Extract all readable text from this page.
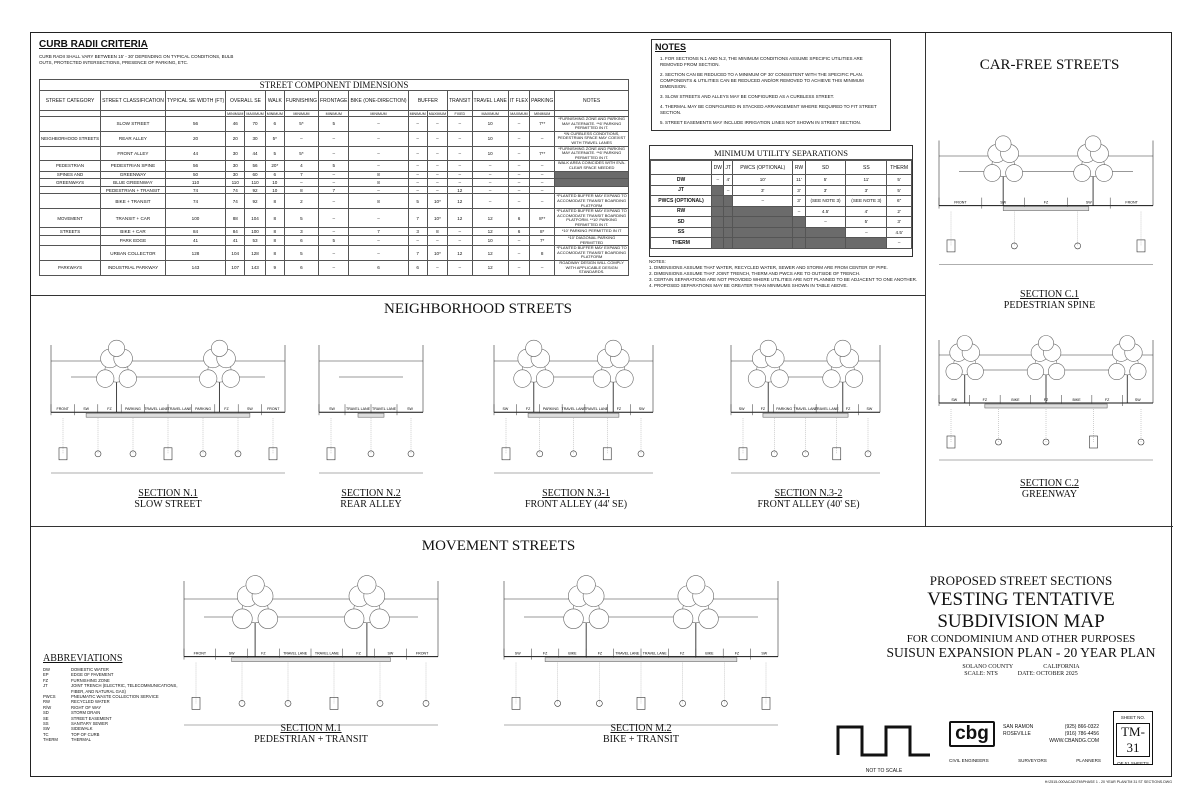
CURB RADII CRITERIA
CURB RADII SHALL VARY BETWEEN 15' - 30' DEPENDING ON TYPICAL CONDITIONS, BULB OUTS, PROTECTED INTERSECTIONS, PRESENCE OF PARKING, ETC.
STREET COMPONENT DIMENSIONS															
STREET CATEGORY	STREET CLASSIFICATION	TYPICAL SE WIDTH (FT)	OVERALL SE		WALK	FURNISHING	FRONTAGE	BIKE (ONE-DIRECTION)	BUFFER		TRANSIT	TRAVEL LANE	IT FLEX	PARKING	NOTES
			MINIMUM	MAXIMUM	MINIMUM	MINIMUM	MINIMUM	MINIMUM	MINIMUM	MAXIMUM	FIXED	MAXIMUM	MAXIMUM	MINIMUM	
	SLOW STREET	56	46	70	6	5*	5	–	–	–	–	10	–	7**	*FURNISHING ZONE AND PARKING MAY ALTERNATE. **6' PARKING PERMITTED IN IT.
NEIGHBORHOOD STREETS	REAR ALLEY	20	20	30	5*	–	–	–	–	–	–	10	–	–	*IN CURBLESS CONDITIONS, PEDESTRIAN SPACE MAY COEXIST WITH TRAVEL LANES
	FRONT ALLEY	44	30	44	5	5*	–	–	–	–	–	10	–	7**	*FURNISHING ZONE AND PARKING MAY ALTERNATE. **6' PARKING PERMITTED IN IT.
PEDESTRIAN	PEDESTRIAN SPINE	56	30	56	20*	4	5	–	–	–	–	–	–	–	WALK AREA COINCIDES WITH EVA-CLEAR SPACE NEEDED
SPINES AND	GREENWAY	50	30	60	6	7	–	8	–	–	–	–	–	–	
GREENWAYS	BLUE GREENWAY	110	110	110	10	–	–	8	–	–	–	–	–	–	
	PEDESTRIAN + TRANSIT	74	74	92	10	8	7	–	–	–	12	–	–	–	
	BIKE + TRANSIT	74	74	92	8	2	–	8	5	10*	12	–	–	–	*PLANTED BUFFER MAY EXPAND TO ACCOMODATE TRANSIT BOARDING PLATFORM
MOVEMENT	TRANSIT + CAR	100	88	104	8	5	–	–	7	10*	12	12	6	8**	*PLANTED BUFFER MAY EXPAND TO ACCOMODATE TRANSIT BOARDING PLATFORM. **10' PARKING PERMITTED IN IT.
STREETS	BIKE + CAR	84	84	100	8	3	–	7	3	8	–	12	6	8*	*10' PARKING PERMITTED IN IT
	PARK EDGE	41	41	53	8	6	5	–	–	–	–	10	–	7*	*10' DIAGONAL PARKING PERMITTED
	URBAN COLLECTOR	128	104	128	8	5	–	–	7	10*	12	12	–	8	*PLANTED BUFFER MAY EXPAND TO ACCOMODATE TRANSIT BOARDING PLATFORM
PARKWAYS	INDUSTRIAL PARKWAY	143	107	143	9	6	–	6	6	–	–	12	–	–	ROADWAY DESIGN WILL COMPLY WITH APPLICABLE DESIGN STANDARDS.
NOTES
1. FOR SECTIONS N.1 AND N.2, THE MINIMUM CONDITIONS ASSUME SPECIFIC UTILITIES ARE REMOVED FROM SECTION.
2. SECTION CAN BE REDUCED TO A MINIMUM OF 30' CONSISTENT WITH THE SPECIFIC PLAN. COMPONENTS & UTILITIES CAN BE REDUCED AND/OR REMOVED TO ACHIEVE THIS MINIMUM DIMENSION.
3. SLOW STREETS AND ALLEYS MAY BE CONFIGURED AS A CURBLESS STREET.
4. THERMAL MAY BE CONFIGURED IN STACKED ARRANGEMENT WHERE REQUIRED TO FIT STREET SECTION.
5. STREET EASEMENTS MAY INCLUDE IRRIGATION LINES NOT SHOWN IN STREET SECTION.
MINIMUM UTILITY SEPARATIONS
	DW	JT	PWCS (OPTIONAL)	RW	SD	SS	THERM
DW	–	4'	10'	11'	5'	11'	5'
JT		–	3'	3'	3'	3'	5'
PWCS (OPTIONAL)			–	3'	(SEE NOTE 3)	(SEE NOTE 3)	6"
RW				–	4.5'	4'	2'
SD					–	5'	3'
SS						–	4.5'
THERM							–
NOTES:
1. DIMENSIONS ASSUME THAT WATER, RECYCLED WATER, SEWER AND STORM ARE FROM CENTER OF PIPE.
2. DIMENSIONS ASSUME THAT JOINT TRENCH, THERM AND PWCS ARE TO OUTSIDE OF TRENCH.
3. CERTAIN SEPARATIONS ARE NOT PROVIDED WHERE UTILITIES ARE NOT PLANNED TO BE ADJACENT TO ONE ANOTHER.
4. PROPOSED SEPARATIONS MAY BE GREATER THAN MINIMUMS SHOWN IN TABLE ABOVE.
CAR-FREE STREETS
FRONT	SW	FZ	SW	FRONT
SECTION C.1
PEDESTRIAN SPINE
SW	FZ	BIKE	FZ	BIKE	FZ	SW
SECTION C.2
GREENWAY
NEIGHBORHOOD STREETS
FRONT	SW	FZ	PARKING TRAVEL LANE TRAVEL LANE PARKING	FZ	SW	FRONT
SECTION N.1
SLOW STREET
SW	TRAVEL LANE TRAVEL LANE	SW
SECTION N.2
REAR ALLEY
SW	FZ	PARKING TRAVEL LANE
TRAVEL LANE FZ	SW
SECTION N.3-1
FRONT ALLEY (44' SE)
SW	FZ	PARKING TRAVEL LANE
TRAVEL LANE FZ	SW
SECTION N.3-2
FRONT ALLEY (40' SE)
MOVEMENT STREETS
FRONT	SW	FZ	TRAVEL LANE TRAVEL LANE	FZ	SW	FRONT
SECTION M.1
PEDESTRIAN + TRANSIT
SW	FZ	BIKE	FZ	TRAVEL LANE TRAVEL LANE	FZ	BIKE	FZ	SW
SECTION M.2
BIKE + TRANSIT
ABBREVIATIONS
DW	DOMESTIC WATER
EP	EDGE OF PAVEMENT
FZ	FURNISHING ZONE
JT	JOINT TRENCH (ELECTRIC, TELECOMMUNICATIONS,
FIBER, AND NATURAL GAS)
PWCS	PNEUMATIC WASTE COLLECTION SERVICE
RW	RECYCLED WATER
R/W	RIGHT OF WAY
SD	STORM DRAIN
SE	STREET EASEMENT
SS	SANITARY SEWER
SW	SIDEWALK
TC	TOP OF CURB
THERM	THERMAL
PROPOSED STREET SECTIONS
VESTING TENTATIVE
SUBDIVISION MAP
FOR CONDOMINIUM AND OTHER PURPOSES
SUISUN EXPANSION PLAN - 20 YEAR PLAN
SOLANO COUNTY	CALIFORNIA
SCALE: NTS	DATE: OCTOBER 2025
NOT TO SCALE
cbg	SAN RAMON	(925) 866-0322
ROSEVILLE	(916) 786-4456
WWW.CBANDG.COM
CIVIL ENGINEERS	SURVEYORS	PLANNERS
SHEET NO.
TM-31
OF 51 SHEETS
H:\2515-000\ACAD\TM\PHASE 1 - 20 YEAR PLAN\TM 31 ST SECTIONS.DWG
